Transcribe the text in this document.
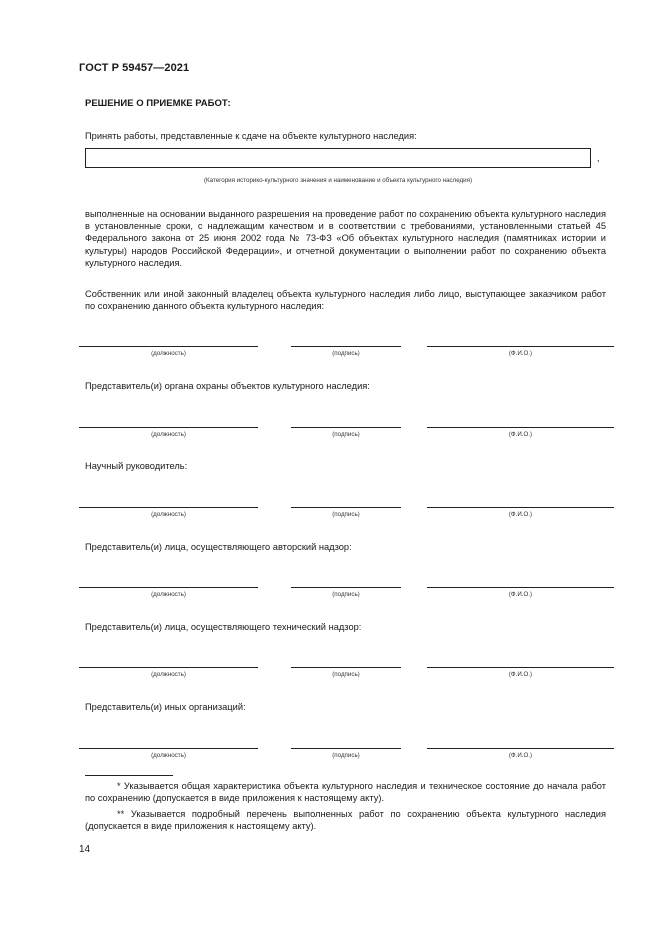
ГОСТ Р 59457—2021
РЕШЕНИЕ О ПРИЕМКЕ РАБОТ:
Принять работы, представленные к сдаче на объекте культурного наследия:
,
(Категория историко-культурного значения и наименование и объекта культурного наследия)
выполненные на основании выданного разрешения на проведение работ по сохранению объекта культурного наследия в установленные сроки, с надлежащим качеством и в соответствии с требованиями, установленными статьей 45 Федерального закона от 25 июня 2002 года № 73-ФЗ «Об объектах культурного наследия (памятниках истории и культуры) народов Российской Федерации», и отчетной документации о выполнении работ по сохранению объекта культурного наследия.
Собственник или иной законный владелец объекта культурного наследия либо лицо, выступающее заказчиком работ по сохранению данного объекта культурного наследия:
(должность)	(подпись)	(Ф.И.О.)
Представитель(и) органа охраны объектов культурного наследия:
(должность)	(подпись)	(Ф.И.О.)
Научный руководитель:
(должность)	(подпись)	(Ф.И.О.)
Представитель(и) лица, осуществляющего авторский надзор:
(должность)	(подпись)	(Ф.И.О.)
Представитель(и) лица, осуществляющего технический надзор:
(должность)	(подпись)	(Ф.И.О.)
Представитель(и) иных организаций:
(должность)	(подпись)	(Ф.И.О.)
* Указывается общая характеристика объекта культурного наследия и техническое состояние до начала работ по сохранению (допускается в виде приложения к настоящему акту).
** Указывается подробный перечень выполненных работ по сохранению объекта культурного наследия (допускается в виде приложения к настоящему акту).
14
